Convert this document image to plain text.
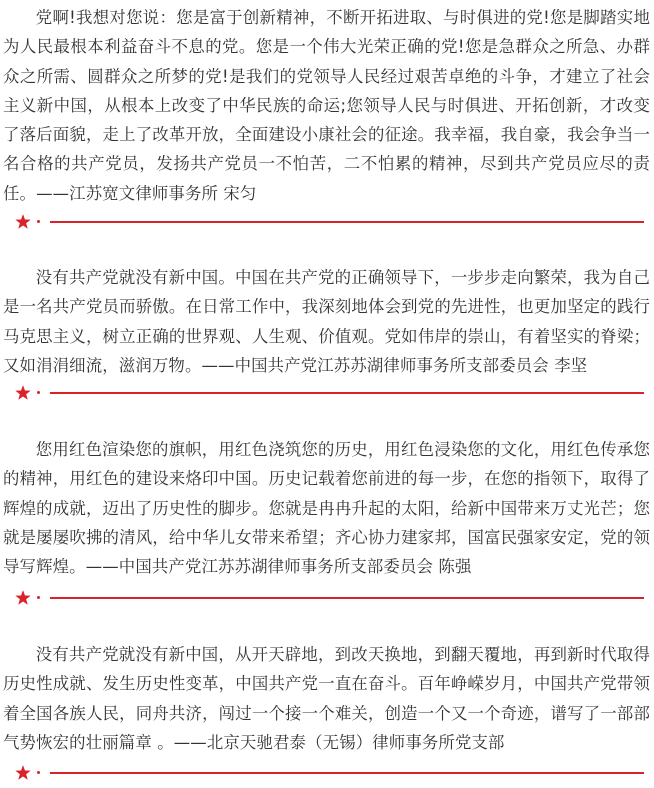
党啊!我想对您说：您是富于创新精神，不断开拓进取、与时俱进的党!您是脚踏实地为人民最根本利益奋斗不息的党。您是一个伟大光荣正确的党!您是急群众之所急、办群众之所需、圆群众之所梦的党!是我们的党领导人民经过艰苦卓绝的斗争，才建立了社会主义新中国，从根本上改变了中华民族的命运;您领导人民与时俱进、开拓创新，才改变了落后面貌，走上了改革开放，全面建设小康社会的征途。我幸福，我自豪，我会争当一名合格的共产党员，发扬共产党员一不怕苦，二不怕累的精神，尽到共产党员应尽的责任。——江苏宽文律师事务所 宋匀

没有共产党就没有新中国。中国在共产党的正确领导下，一步步走向繁荣，我为自己是一名共产党员而骄傲。在日常工作中，我深刻地体会到党的先进性，也更加坚定的践行马克思主义，树立正确的世界观、人生观、价值观。党如伟岸的崇山，有着坚实的脊梁；又如涓涓细流，滋润万物。——中国共产党江苏苏湖律师事务所支部委员会 李坚

您用红色渲染您的旗帜，用红色浇筑您的历史，用红色浸染您的文化，用红色传承您的精神，用红色的建设来烙印中国。历史记载着您前进的每一步，在您的指领下，取得了辉煌的成就，迈出了历史性的脚步。您就是冉冉升起的太阳，给新中国带来万丈光芒；您就是屡屡吹拂的清风，给中华儿女带来希望；齐心协力建家邦，国富民强家安定，党的领导写辉煌。——中国共产党江苏苏湖律师事务所支部委员会 陈强

没有共产党就没有新中国，从开天辟地，到改天换地，到翻天覆地，再到新时代取得历史性成就、发生历史性变革，中国共产党一直在奋斗。百年峥嵘岁月，中国共产党带领着全国各族人民，同舟共济，闯过一个接一个难关，创造一个又一个奇迹，谱写了一部部气势恢宏的壮丽篇章 。——北京天驰君泰（无锡）律师事务所党支部
